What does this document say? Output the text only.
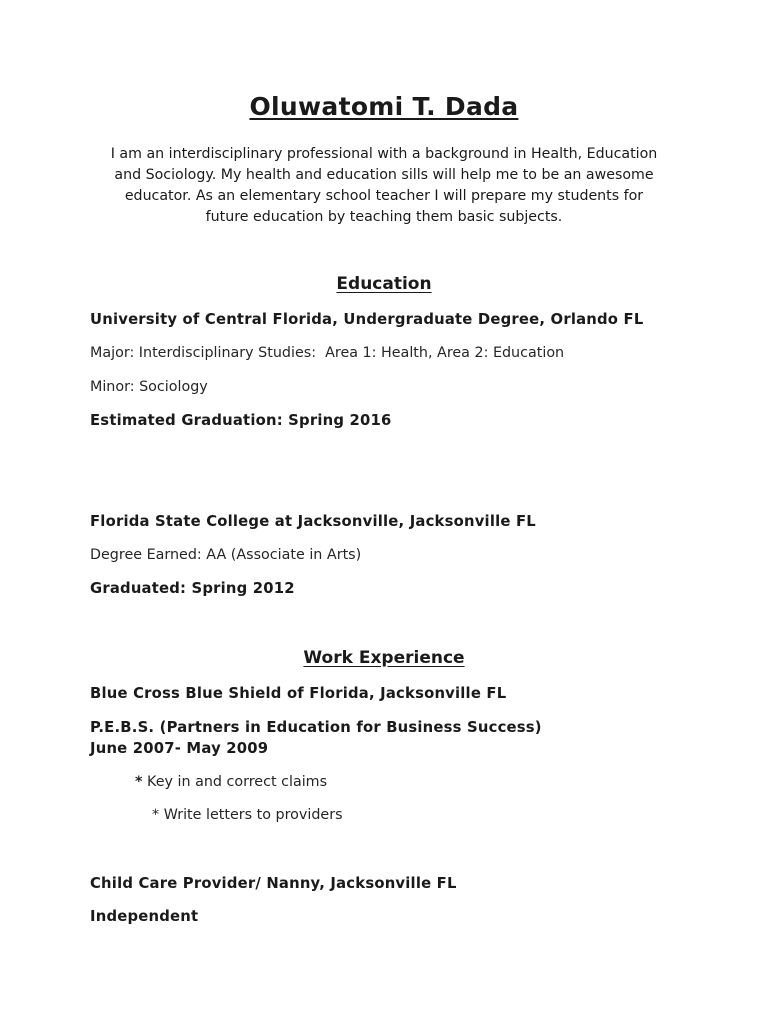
Oluwatomi T. Dada
I am an interdisciplinary professional with a background in Health, Education
and Sociology. My health and education sills will help me to be an awesome
educator. As an elementary school teacher I will prepare my students for
future education by teaching them basic subjects.
Education
University of Central Florida, Undergraduate Degree, Orlando FL
Major: Interdisciplinary Studies:  Area 1: Health, Area 2: Education
Minor: Sociology
Estimated Graduation: Spring 2016
Florida State College at Jacksonville, Jacksonville FL
Degree Earned: AA (Associate in Arts)
Graduated: Spring 2012
Work Experience
Blue Cross Blue Shield of Florida, Jacksonville FL
P.E.B.S. (Partners in Education for Business Success)
June 2007- May 2009
* Key in and correct claims
* Write letters to providers
Child Care Provider/ Nanny, Jacksonville FL
Independent
